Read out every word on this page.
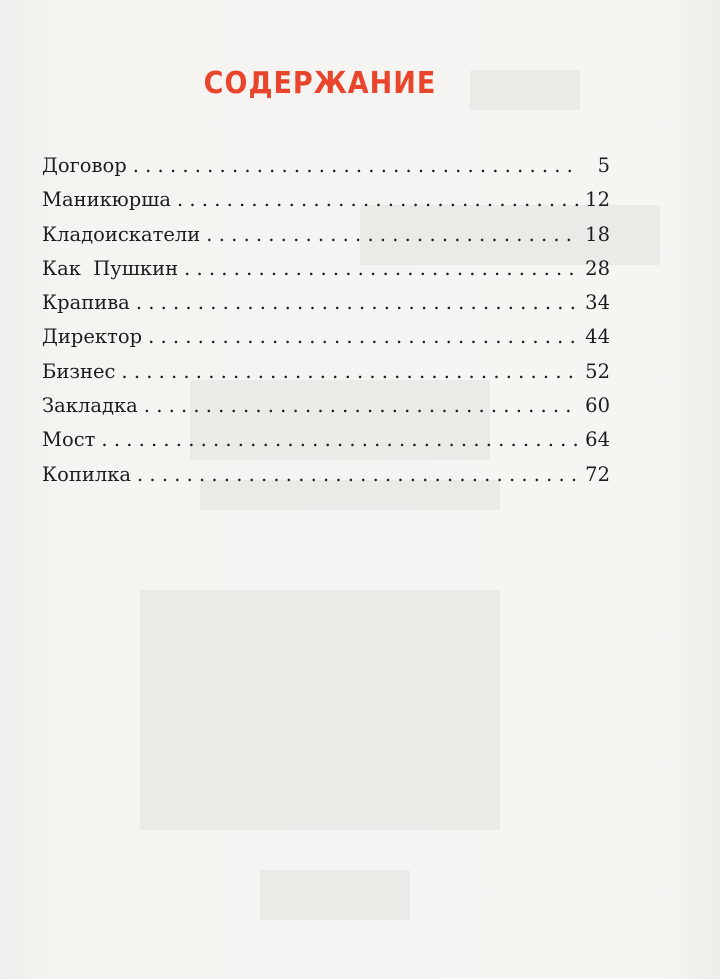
СОДЕРЖАНИЕ
Договор . . .	5
Маникюрша . . .	12
Кладоискатели . . .	18
Как  Пушкин . . .	28
Крапива . . .	34
Директор . . .	44
Бизнес . . .	52
Закладка . . .	60
Мост . . .	64
Копилка . . .	72
